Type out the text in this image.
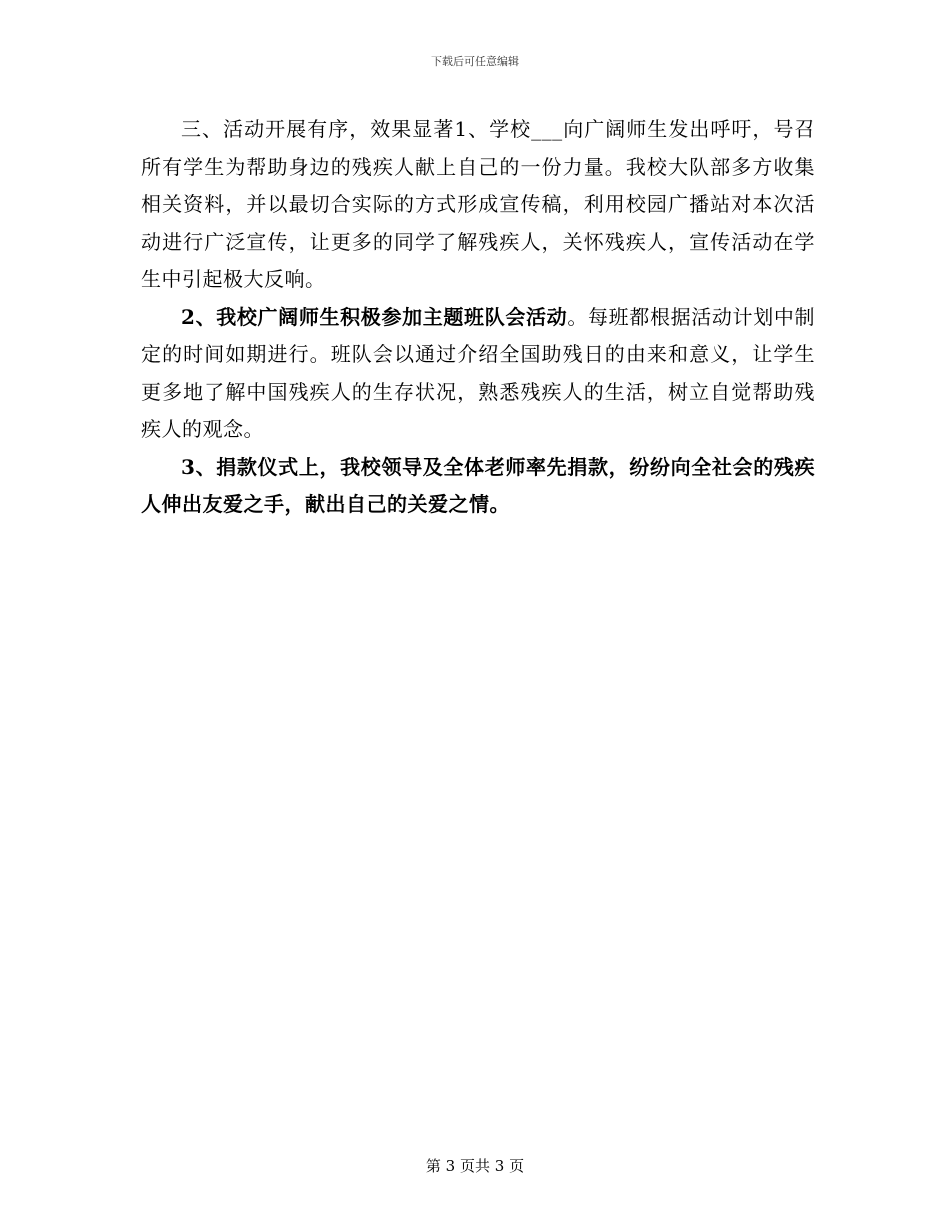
下载后可任意编辑

三、活动开展有序，效果显著1、学校___向广阔师生发出呼吁，号召所有学生为帮助身边的残疾人献上自己的一份力量。我校大队部多方收集相关资料，并以最切合实际的方式形成宣传稿，利用校园广播站对本次活动进行广泛宣传，让更多的同学了解残疾人，关怀残疾人，宣传活动在学生中引起极大反响。

2、我校广阔师生积极参加主题班队会活动。每班都根据活动计划中制定的时间如期进行。班队会以通过介绍全国助残日的由来和意义，让学生更多地了解中国残疾人的生存状况，熟悉残疾人的生活，树立自觉帮助残疾人的观念。

3、捐款仪式上，我校领导及全体老师率先捐款，纷纷向全社会的残疾人伸出友爱之手，献出自己的关爱之情。

第 3 页共 3 页
